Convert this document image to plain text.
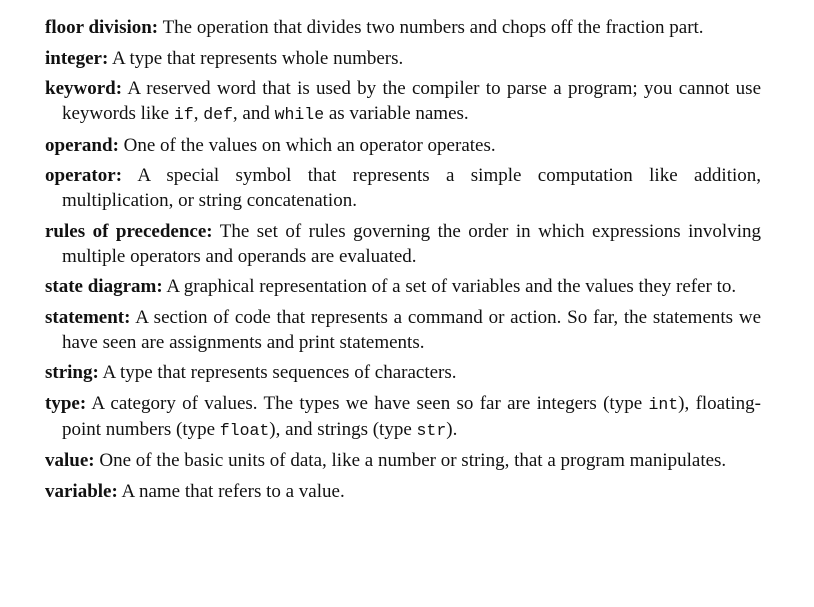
floor division: The operation that divides two numbers and chops off the fraction part.

integer: A type that represents whole numbers.

keyword: A reserved word that is used by the compiler to parse a program; you cannot use keywords like if, def, and while as variable names.

operand: One of the values on which an operator operates.

operator: A special symbol that represents a simple computation like addition, multiplication, or string concatenation.

rules of precedence: The set of rules governing the order in which expressions involving multiple operators and operands are evaluated.

state diagram: A graphical representation of a set of variables and the values they refer to.

statement: A section of code that represents a command or action. So far, the statements we have seen are assignments and print statements.

string: A type that represents sequences of characters.

type: A category of values. The types we have seen so far are integers (type int), floating-point numbers (type float), and strings (type str).

value: One of the basic units of data, like a number or string, that a program manipulates.

variable: A name that refers to a value.
